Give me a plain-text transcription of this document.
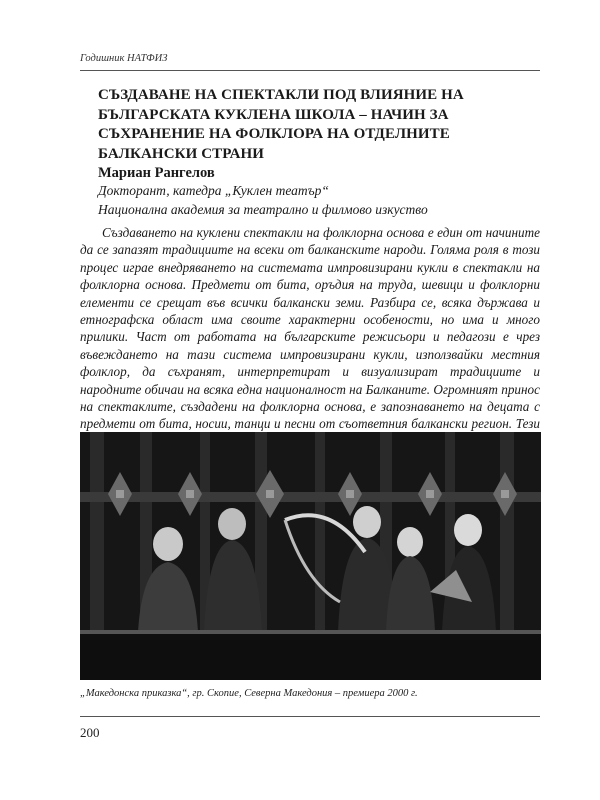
Годишник НАТФИЗ
СЪЗДАВАНЕ НА СПЕКТАКЛИ ПОД ВЛИЯНИЕ НА БЪЛГАРСКАТА КУКЛЕНА ШКОЛА – НАЧИН ЗА СЪХРАНЕНИЕ НА ФОЛКЛОРА НА ОТДЕЛНИТЕ БАЛКАНСКИ СТРАНИ
Мариан Рангелов
Докторант, катедра „Куклен театър“
Национална академия за театрално и филмово изкуство

Създаването на куклени спектакли на фолклорна основа е един от начините да се запазят традициите на всеки от балканските народи. Голяма роля в този процес играе внедряването на системата импровизирани кукли в спектакли на фолклорна основа. Предмети от бита, оръдия на труда, шевици и фолклорни елементи се срещат във всички балкански земи. Разбира се, всяка държава и етнографска област има своите характерни особености, но има и много прилики. Част от работата на българските режисьори и педагози е чрез въвеждането на тази система импровизирани кукли, използвайки местния фолклор, да съхранят, интерпретират и визуализират традициите и народните обичаи на всяка една националност на Балканите. Огромният принос на спектаклите, създадени на фолклорна основа, е запознаването на децата с предмети от бита, носии, танци и песни от съответния балкански регион. Тези

„Македонска приказка“, гр. Скопие, Северна Македония – премиера 2000 г.
200
